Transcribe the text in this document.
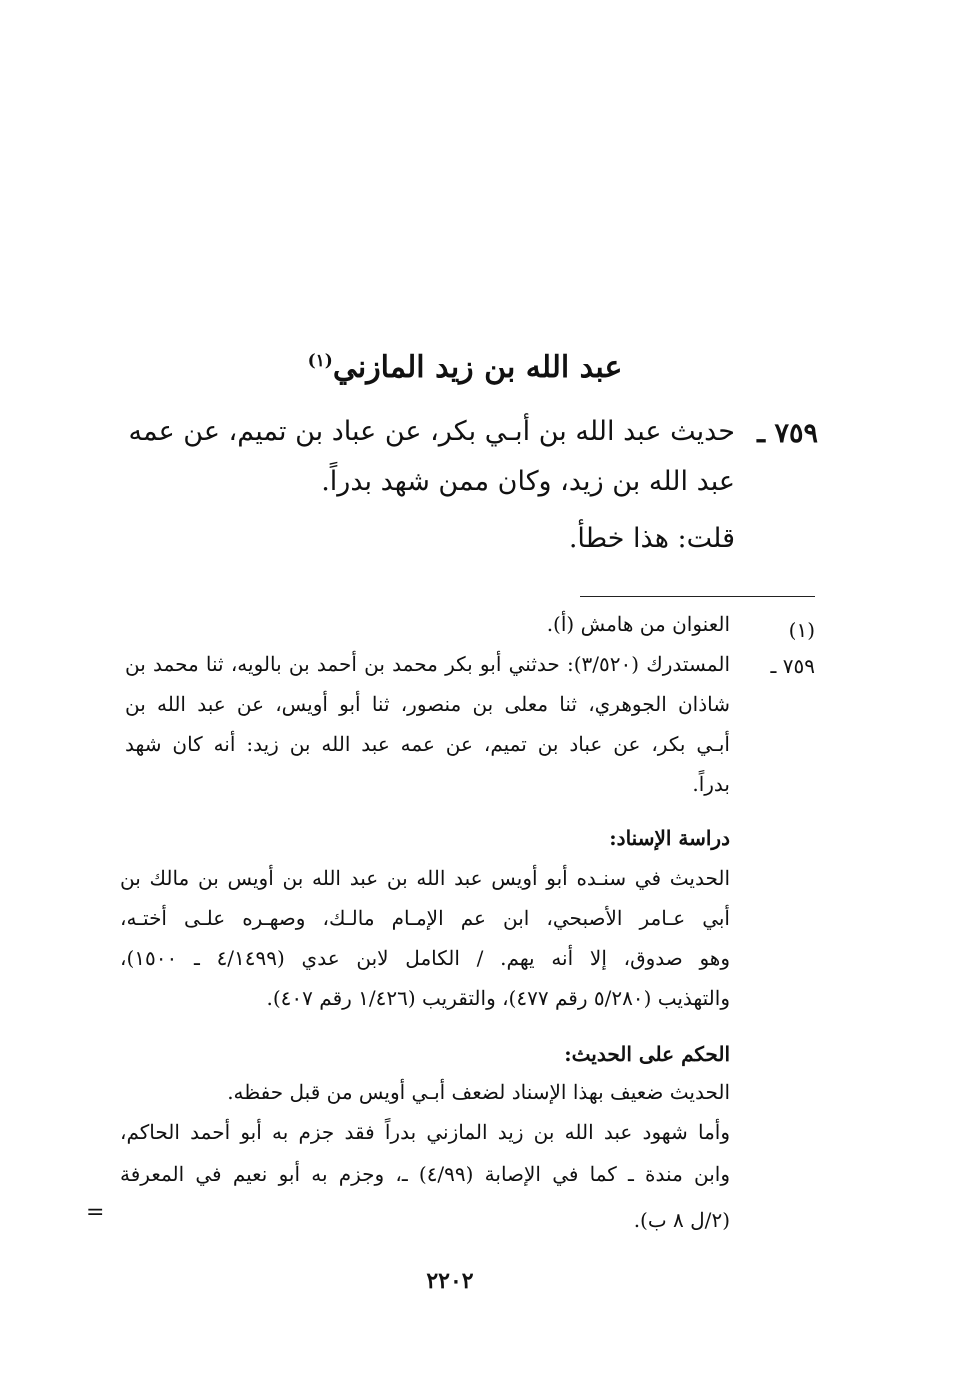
عبد الله بن زيد المازني$^{(١)}$
٧٥٩ ـ
حديث عبد الله بن أبـي بكر، عن عباد بن تميم، عن عمه
عبد الله بن زيد، وكان ممن شهد بدراً.
قلت: هذا خطأ.
(١)
العنوان من هامش (أ).
٧٥٩ ـ
المستدرك (٣/٥٢٠): حدثني أبو بكر محمد بن أحمد بن بالويه، ثنا محمد بن
شاذان الجوهري، ثنا معلى بن منصور، ثنا أبو أويس، عن عبد الله بن
أبـي بكر، عن عباد بن تميم، عن عمه عبد الله بن زيد: أنه كان شهد
بدراً.
دراسة الإسناد:
الحديث في سنـده أبو أويس عبد الله بن عبد الله بن أويس بن مالك بن
أبي عـامر الأصبحي، ابن عم الإمـام مالـك، وصهـره علـى أختـه،
وهو صدوق، إلا أنه يهم. / الكامل لابن عدي (٤/١٤٩٩ ـ ١٥٠٠)،
والتهذيب (٥/٢٨٠ رقم ٤٧٧)، والتقريب (١/٤٢٦ رقم ٤٠٧).
الحكم على الحديث:
الحديث ضعيف بهذا الإسناد لضعف أبـي أويس من قبل حفظه.
وأما شهود عبد الله بن زيد المازني بدراً فقد جزم به أبو أحمد الحاكم،
وابن مندة ـ كما في الإصابة (٤/٩٩) ـ، وجزم به أبو نعيم في المعرفة
(٢/ل ٨ ب).
=
٢٢٠٢
